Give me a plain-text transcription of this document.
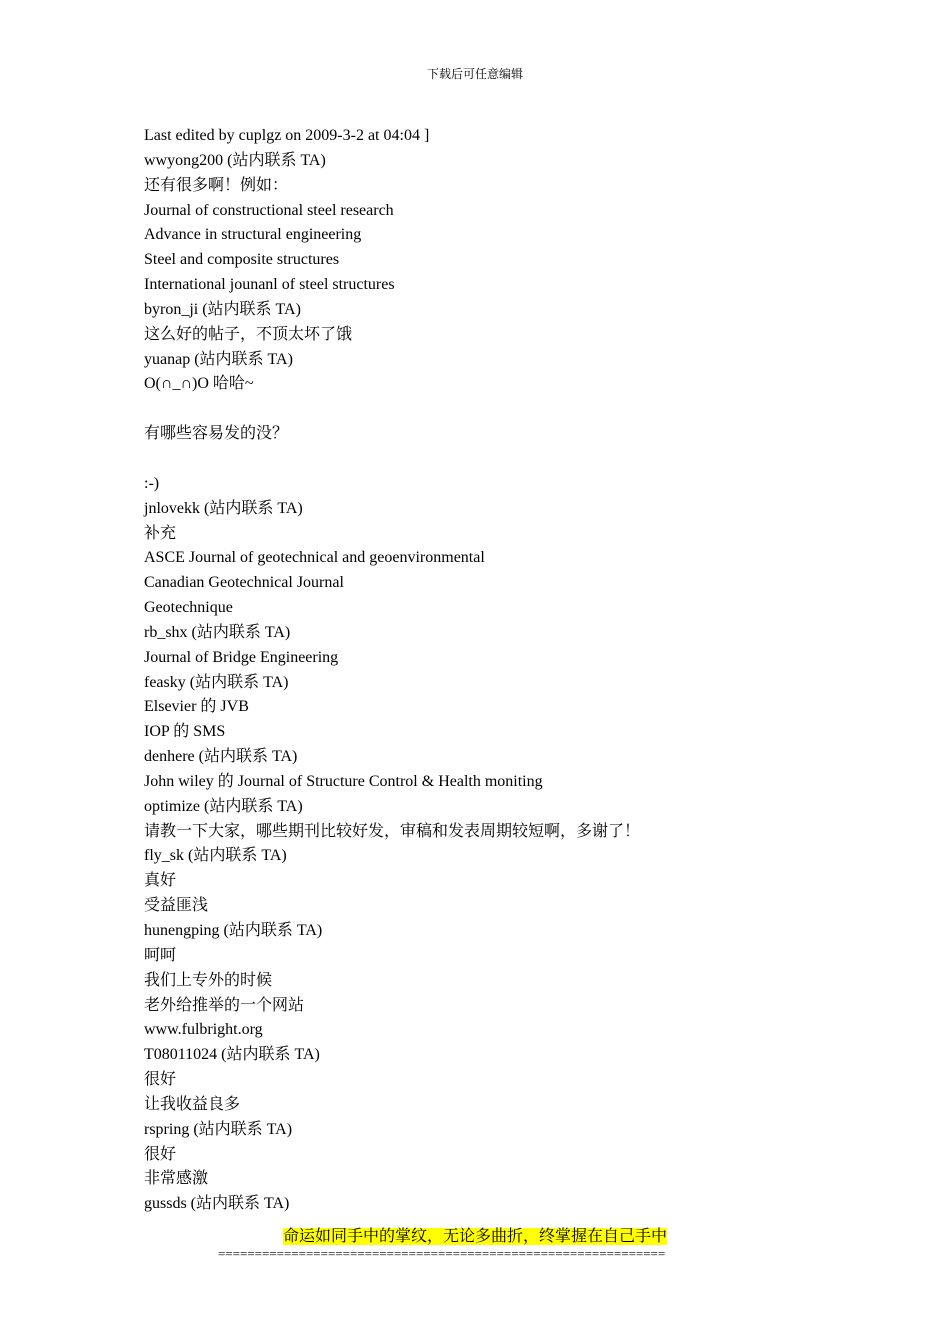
下载后可任意编辑
Last edited by cuplgz on 2009-3-2 at 04:04 ]
wwyong200 (站内联系 TA)
还有很多啊！例如：
Journal of constructional steel research
Advance in structural engineering
Steel and composite structures
International jounanl of steel structures
byron_ji (站内联系 TA)
这么好的帖子，不顶太坏了饿
yuanap (站内联系 TA)
O(∩_∩)O 哈哈~
有哪些容易发的没？
:-)
jnlovekk (站内联系 TA)
补充
ASCE Journal of geotechnical and geoenvironmental
Canadian Geotechnical Journal
Geotechnique
rb_shx (站内联系 TA)
Journal of Bridge Engineering
feasky (站内联系 TA)
Elsevier 的 JVB
IOP 的 SMS
denhere (站内联系 TA)
John wiley 的 Journal of Structure Control & Health moniting
optimize (站内联系 TA)
请教一下大家，哪些期刊比较好发，审稿和发表周期较短啊，多谢了！
fly_sk (站内联系 TA)
真好
受益匪浅
hunengping (站内联系 TA)
呵呵
我们上专外的时候
老外给推举的一个网站
www.fulbright.org
T08011024 (站内联系 TA)
很好
让我收益良多
rspring (站内联系 TA)
很好
非常感激
gussds (站内联系 TA)
命运如同手中的掌纹，无论多曲折，终掌握在自己手中
=============================================================
